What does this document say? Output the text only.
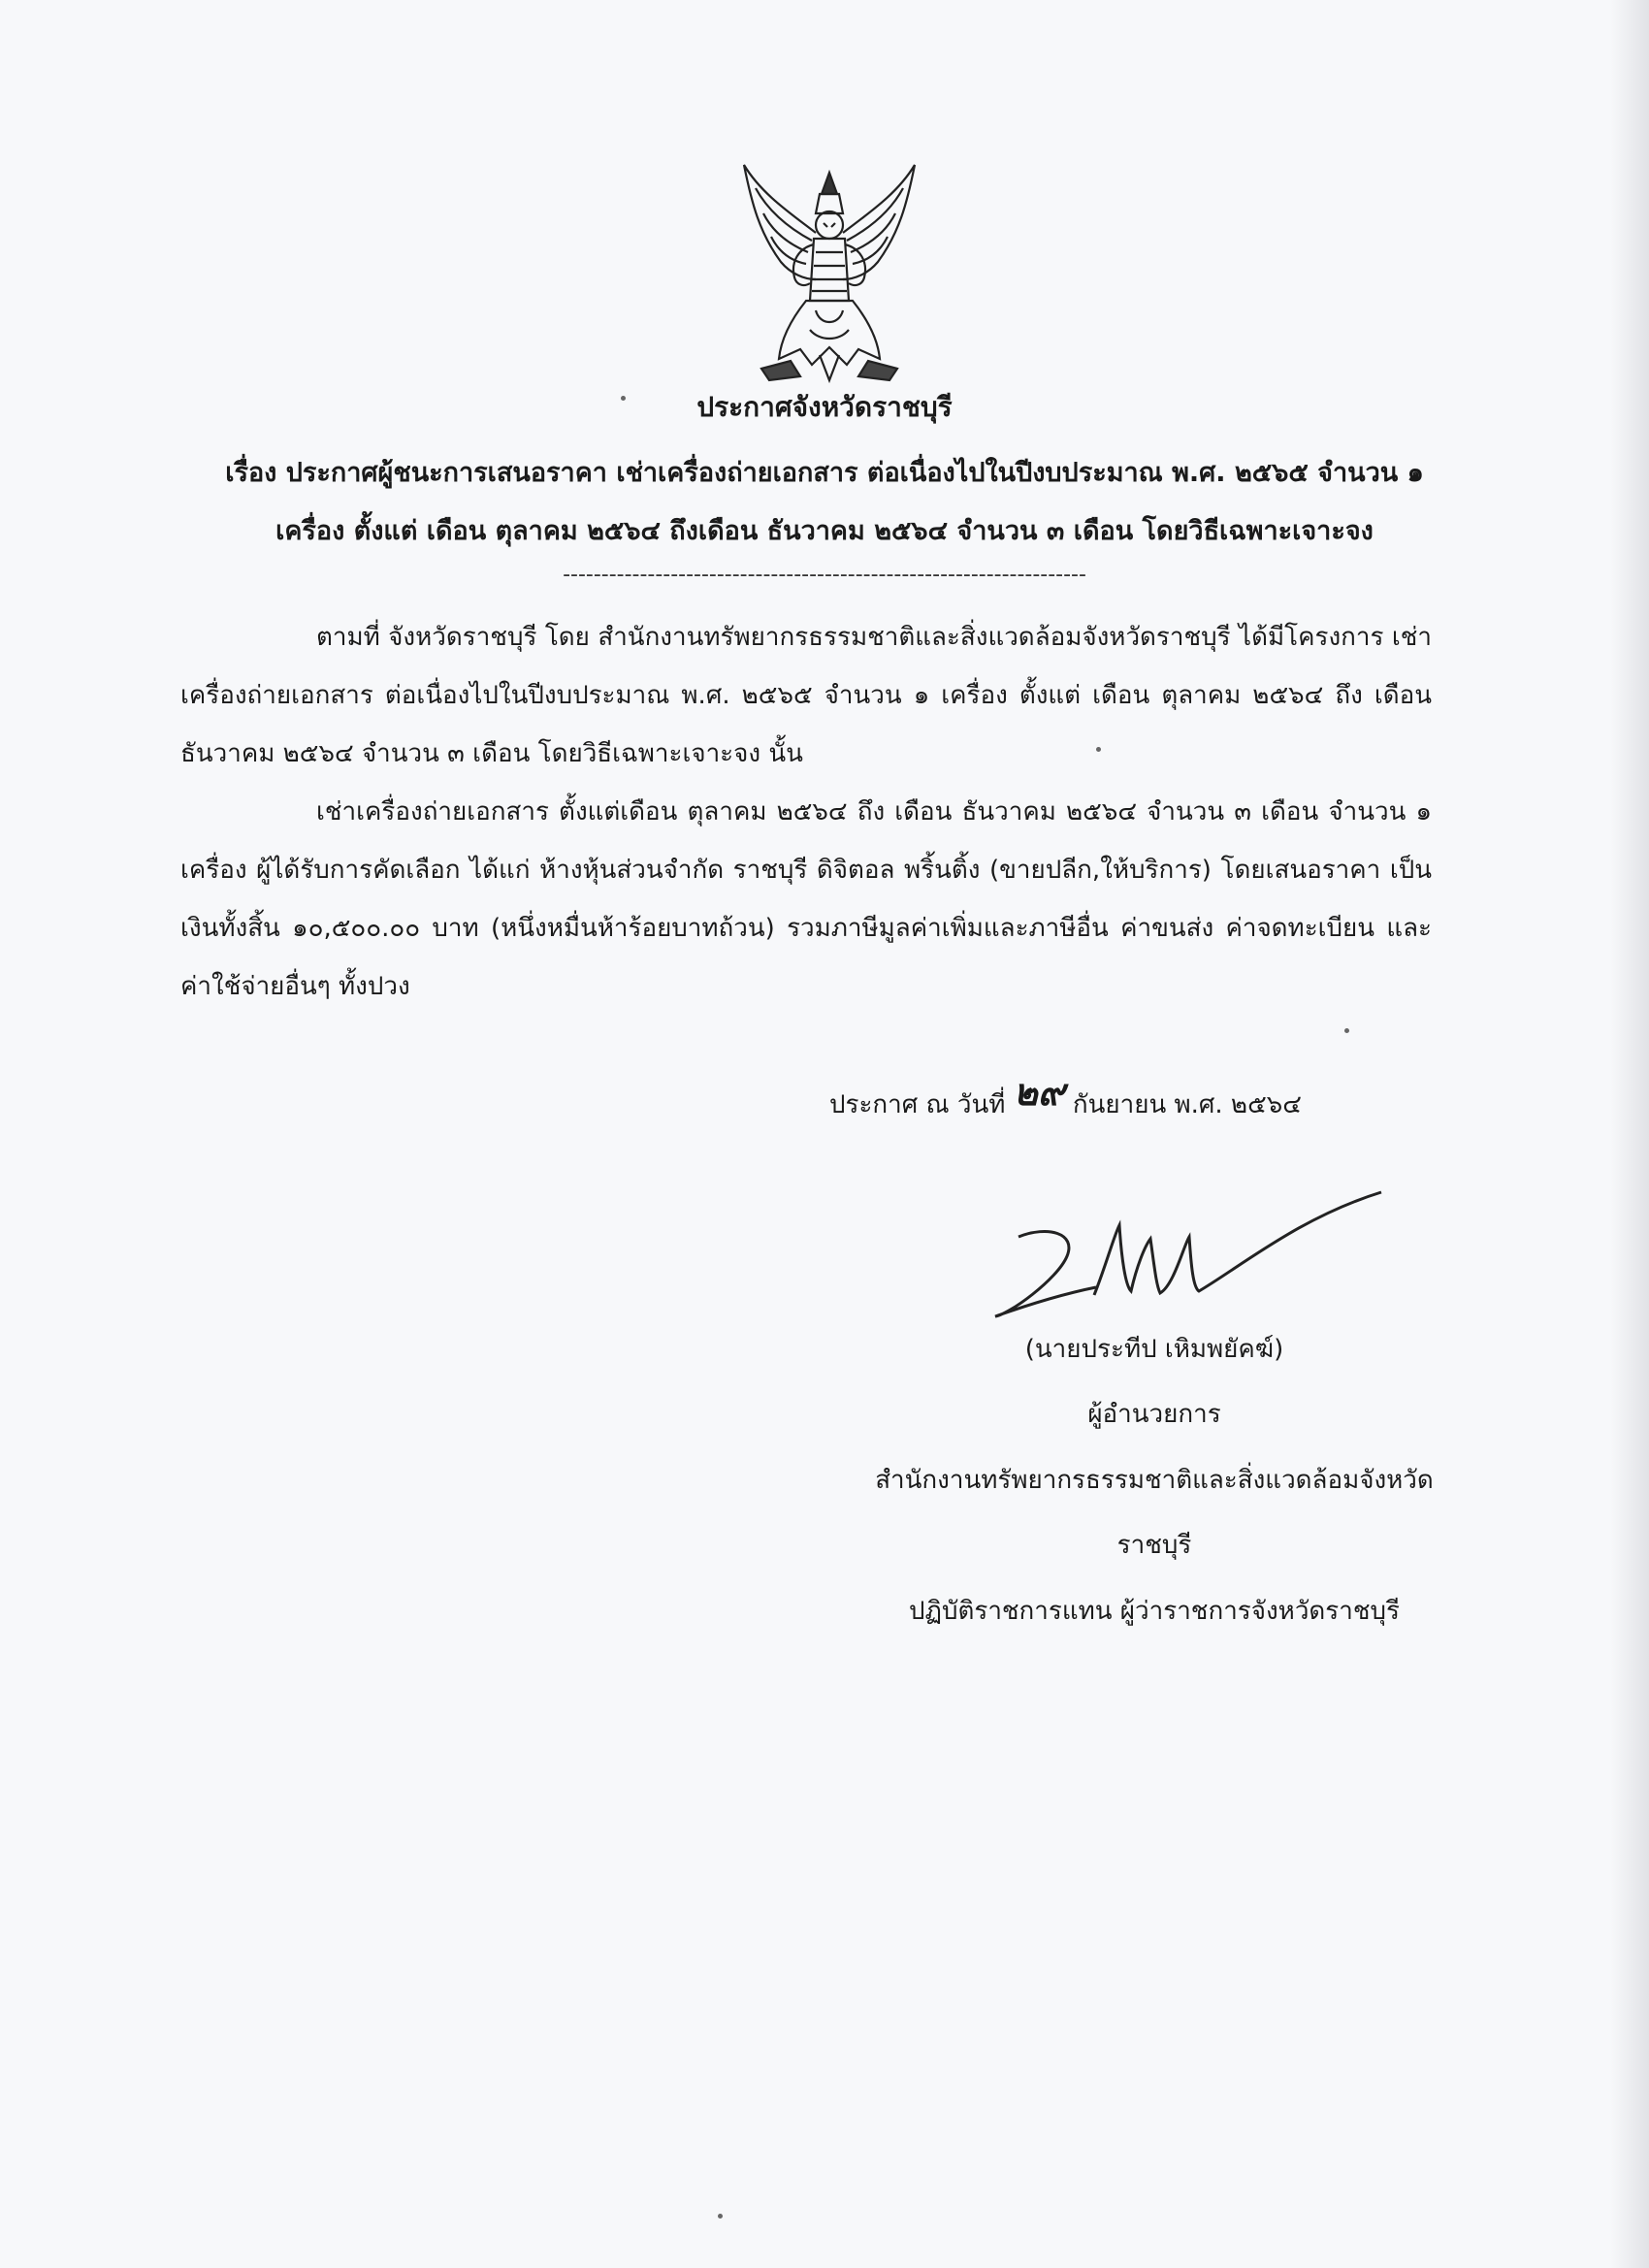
ประกาศจังหวัดราชบุรี
เรื่อง ประกาศผู้ชนะการเสนอราคา เช่าเครื่องถ่ายเอกสาร ต่อเนื่องไปในปีงบประมาณ พ.ศ. ๒๕๖๕ จำนวน ๑
เครื่อง ตั้งแต่ เดือน ตุลาคม ๒๕๖๔ ถึงเดือน ธันวาคม ๒๕๖๔ จำนวน ๓ เดือน โดยวิธีเฉพาะเจาะจง
--------------------------------------------------------------------
ตามที่ จังหวัดราชบุรี โดย สำนักงานทรัพยากรธรรมชาติและสิ่งแวดล้อมจังหวัดราชบุรี ได้มีโครงการ เช่าเครื่องถ่ายเอกสาร ต่อเนื่องไปในปีงบประมาณ พ.ศ. ๒๕๖๕ จำนวน ๑ เครื่อง ตั้งแต่ เดือน ตุลาคม ๒๕๖๔ ถึง เดือน ธันวาคม ๒๕๖๔ จำนวน ๓ เดือน โดยวิธีเฉพาะเจาะจง นั้น
เช่าเครื่องถ่ายเอกสาร ตั้งแต่เดือน ตุลาคม ๒๕๖๔ ถึง เดือน ธันวาคม ๒๕๖๔ จำนวน ๓ เดือน จำนวน ๑ เครื่อง ผู้ได้รับการคัดเลือก ได้แก่ ห้างหุ้นส่วนจำกัด ราชบุรี ดิจิตอล พริ้นติ้ง (ขายปลีก,ให้บริการ) โดยเสนอราคา เป็นเงินทั้งสิ้น ๑๐,๕๐๐.๐๐ บาท (หนึ่งหมื่นห้าร้อยบาทถ้วน) รวมภาษีมูลค่าเพิ่มและภาษีอื่น ค่าขนส่ง ค่าจดทะเบียน และค่าใช้จ่ายอื่นๆ ทั้งปวง
ประกาศ ณ วันที่ ๒๙ กันยายน พ.ศ. ๒๕๖๔
(นายประทีป เหิมพยัคฆ์)
ผู้อำนวยการ
สำนักงานทรัพยากรธรรมชาติและสิ่งแวดล้อมจังหวัด
ราชบุรี
ปฏิบัติราชการแทน ผู้ว่าราชการจังหวัดราชบุรี
